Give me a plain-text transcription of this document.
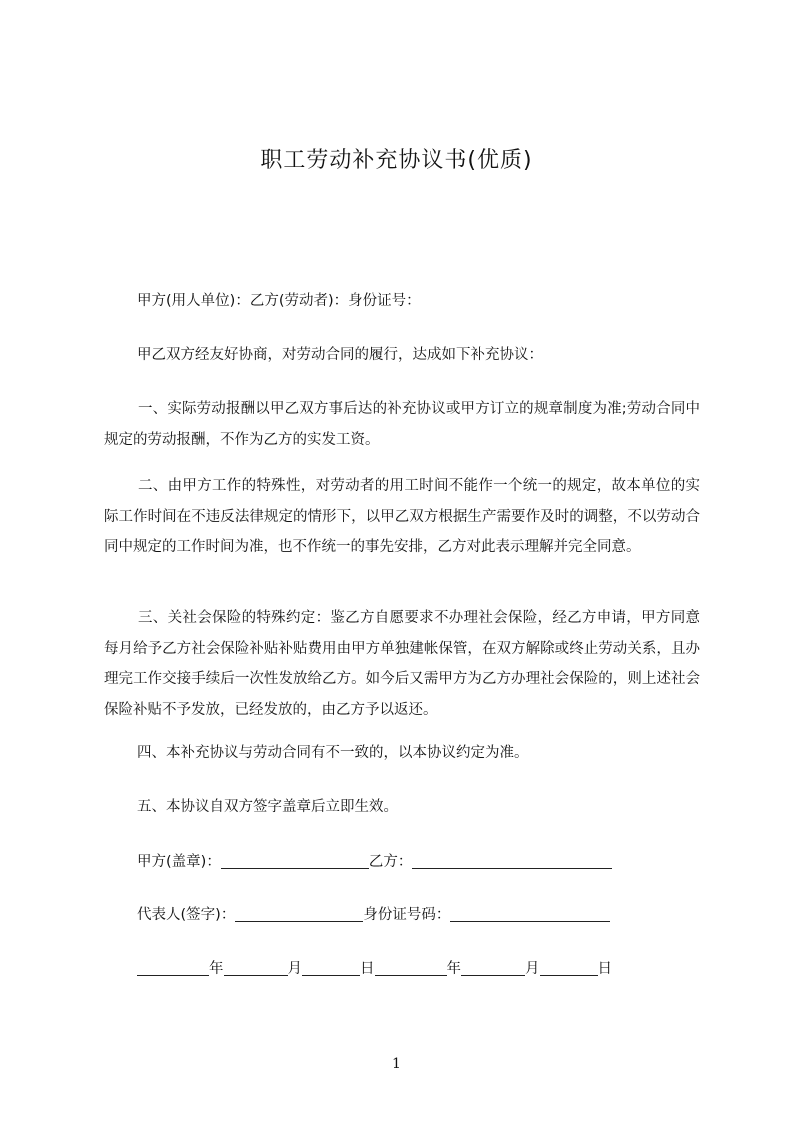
职工劳动补充协议书(优质)
甲方(用人单位)：乙方(劳动者)：身份证号：
甲乙双方经友好协商，对劳动合同的履行，达成如下补充协议：
一、实际劳动报酬以甲乙双方事后达的补充协议或甲方订立的规章制度为准;劳动合同中规定的劳动报酬，不作为乙方的实发工资。
二、由甲方工作的特殊性，对劳动者的用工时间不能作一个统一的规定，故本单位的实际工作时间在不违反法律规定的情形下，以甲乙双方根据生产需要作及时的调整，不以劳动合同中规定的工作时间为准，也不作统一的事先安排，乙方对此表示理解并完全同意。
三、关社会保险的特殊约定：鉴乙方自愿要求不办理社会保险，经乙方申请，甲方同意每月给予乙方社会保险补贴补贴费用由甲方单独建帐保管，在双方解除或终止劳动关系，且办理完工作交接手续后一次性发放给乙方。如今后又需甲方为乙方办理社会保险的，则上述社会保险补贴不予发放，已经发放的，由乙方予以返还。
四、本补充协议与劳动合同有不一致的，以本协议约定为准。
五、本协议自双方签字盖章后立即生效。
甲方(盖章)：	乙方：
代表人(签字)：	身份证号码：
年	月	日	年	月	日
1
